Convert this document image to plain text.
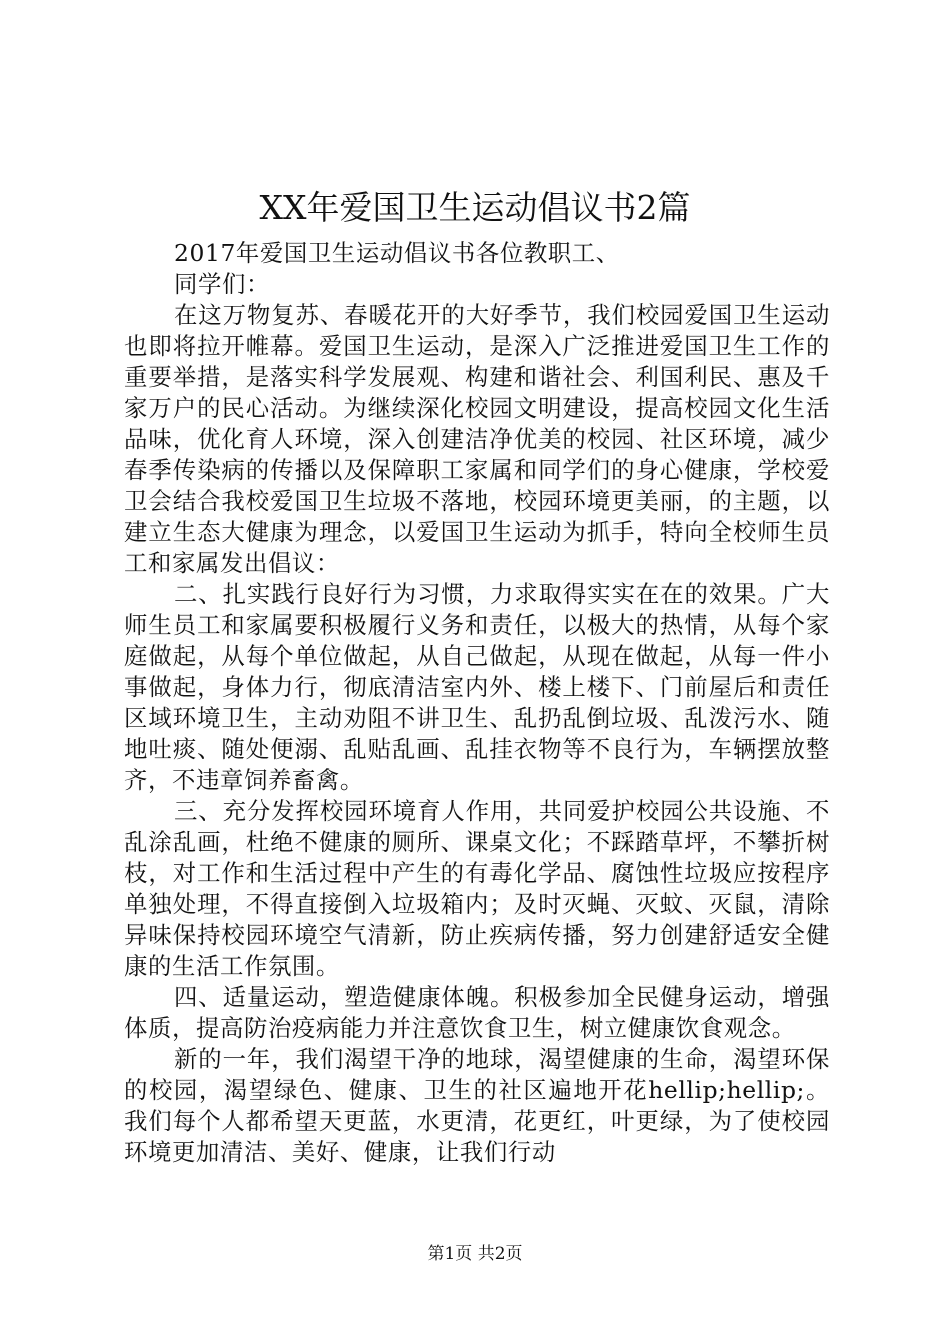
XX年爱国卫生运动倡议书2篇

2017年爱国卫生运动倡议书各位教职工、

同学们：

在这万物复苏、春暖花开的大好季节，我们校园爱国卫生运动也即将拉开帷幕。爱国卫生运动，是深入广泛推进爱国卫生工作的重要举措，是落实科学发展观、构建和谐社会、利国利民、惠及千家万户的民心活动。为继续深化校园文明建设，提高校园文化生活品味，优化育人环境，深入创建洁净优美的校园、社区环境，减少春季传染病的传播以及保障职工家属和同学们的身心健康，学校爱卫会结合我校爱国卫生垃圾不落地，校园环境更美丽，的主题，以建立生态大健康为理念，以爱国卫生运动为抓手，特向全校师生员工和家属发出倡议：

二、扎实践行良好行为习惯，力求取得实实在在的效果。广大师生员工和家属要积极履行义务和责任，以极大的热情，从每个家庭做起，从每个单位做起，从自己做起，从现在做起，从每一件小事做起，身体力行，彻底清洁室内外、楼上楼下、门前屋后和责任区域环境卫生，主动劝阻不讲卫生、乱扔乱倒垃圾、乱泼污水、随地吐痰、随处便溺、乱贴乱画、乱挂衣物等不良行为，车辆摆放整齐，不违章饲养畜禽。

三、充分发挥校园环境育人作用，共同爱护校园公共设施、不乱涂乱画，杜绝不健康的厕所、课桌文化；不踩踏草坪，不攀折树枝，对工作和生活过程中产生的有毒化学品、腐蚀性垃圾应按程序单独处理，不得直接倒入垃圾箱内；及时灭蝇、灭蚊、灭鼠，清除异味保持校园环境空气清新，防止疾病传播，努力创建舒适安全健康的生活工作氛围。

四、适量运动，塑造健康体魄。积极参加全民健身运动，增强体质，提高防治疫病能力并注意饮食卫生，树立健康饮食观念。

新的一年，我们渴望干净的地球，渴望健康的生命，渴望环保的校园，渴望绿色、健康、卫生的社区遍地开花hellip;hellip;。我们每个人都希望天更蓝，水更清，花更红，叶更绿，为了使校园环境更加清洁、美好、健康，让我们行动

第1页 共2页
